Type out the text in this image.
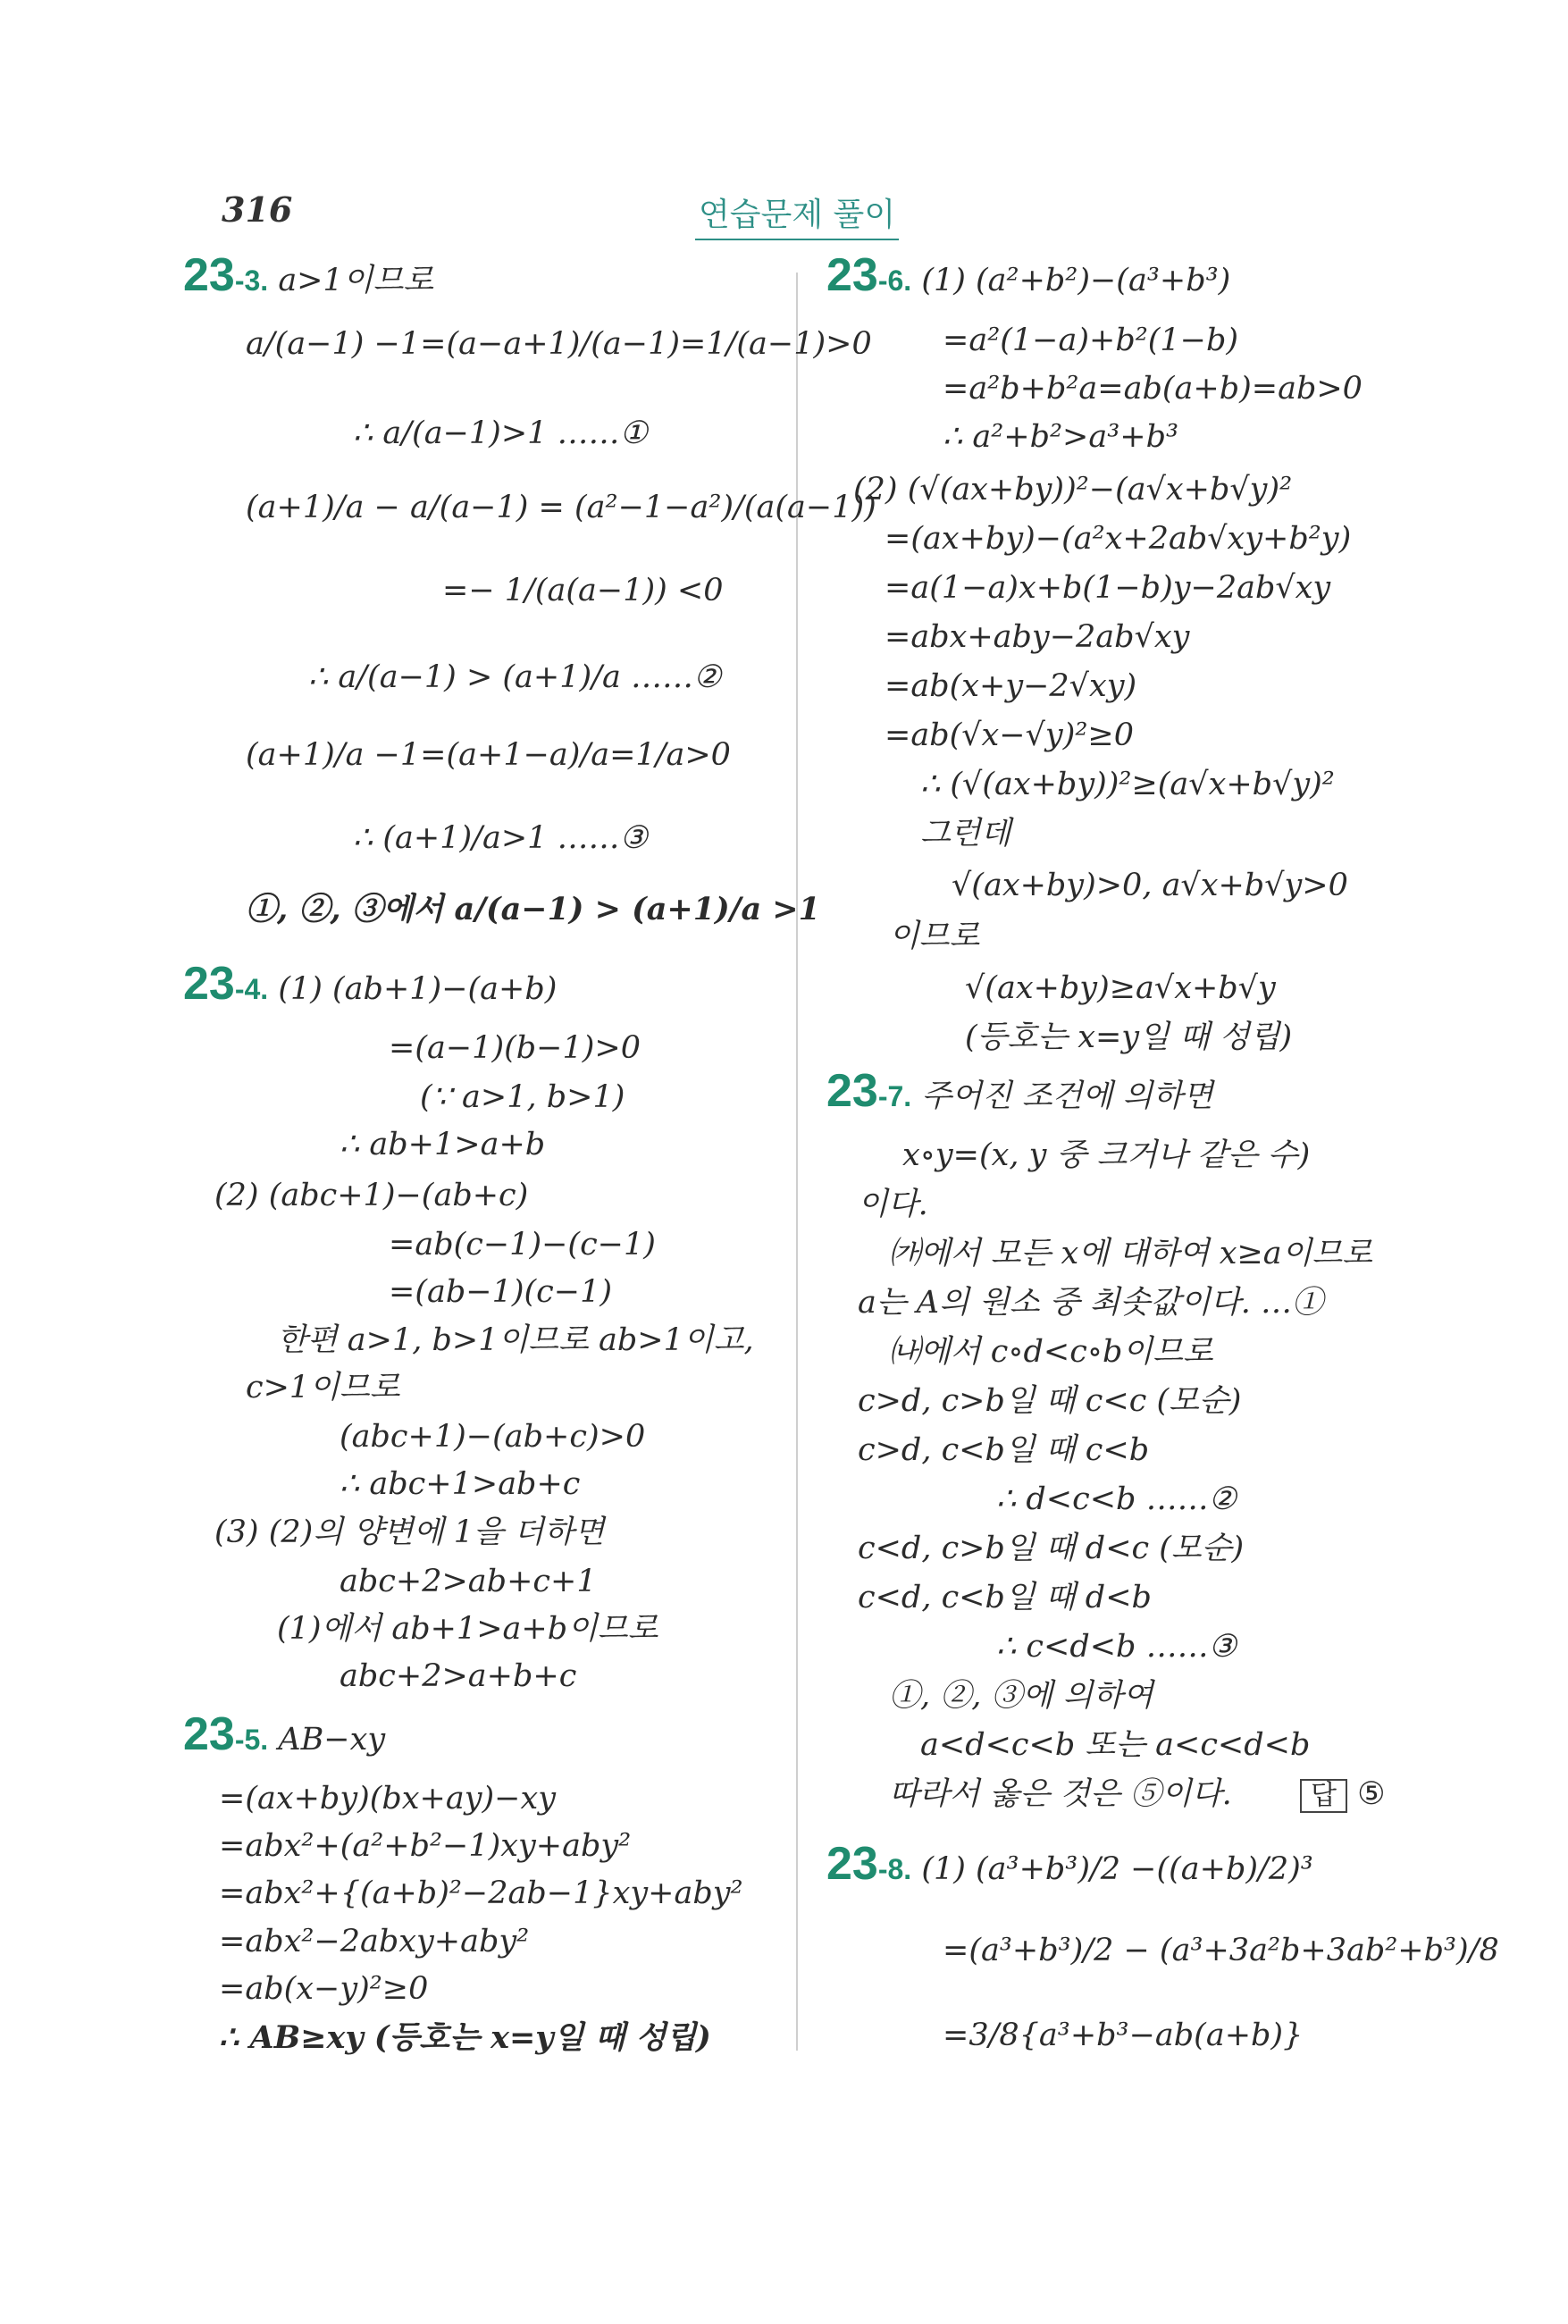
316	연습문제 풀이
23-3. a>1이므로
a/(a−1) −1=(a−a+1)/(a−1)=1/(a−1)>0
∴ a/(a−1)>1 ……①
(a+1)/a − a/(a−1) = (a²−1−a²)/(a(a−1))
=− 1/(a(a−1)) <0
∴ a/(a−1) > (a+1)/a ……②
(a+1)/a −1=(a+1−a)/a=1/a>0
∴ (a+1)/a>1 ……③
①, ②, ③에서 a/(a−1) > (a+1)/a >1
23-4. (1) (ab+1)−(a+b)
=(a−1)(b−1)>0
(∵ a>1, b>1)
∴ ab+1>a+b
(2) (abc+1)−(ab+c)
=ab(c−1)−(c−1)
=(ab−1)(c−1)
한편 a>1, b>1이므로 ab>1이고,
c>1이므로
(abc+1)−(ab+c)>0
∴ abc+1>ab+c
(3) (2)의 양변에 1을 더하면
abc+2>ab+c+1
(1)에서 ab+1>a+b이므로
abc+2>a+b+c
23-5. AB−xy
=(ax+by)(bx+ay)−xy
=abx²+(a²+b²−1)xy+aby²
=abx²+{(a+b)²−2ab−1}xy+aby²
=abx²−2abxy+aby²
=ab(x−y)²≥0
∴ AB≥xy (등호는 x=y일 때 성립)
23-6. (1) (a²+b²)−(a³+b³)
=a²(1−a)+b²(1−b)
=a²b+b²a=ab(a+b)=ab>0
∴ a²+b²>a³+b³
(2) (√(ax+by))²−(a√x+b√y)²
=(ax+by)−(a²x+2ab√xy+b²y)
=a(1−a)x+b(1−b)y−2ab√xy
=abx+aby−2ab√xy
=ab(x+y−2√xy)
=ab(√x−√y)²≥0
∴ (√(ax+by))²≥(a√x+b√y)²
그런데
√(ax+by)>0, a√x+b√y>0
이므로
√(ax+by)≥a√x+b√y
(등호는 x=y일 때 성립)
23-7. 주어진 조건에 의하면
x∘y=(x, y 중 크거나 같은 수)
이다.
㈎에서 모든 x에 대하여 x≥a이므로
a는 A의 원소 중 최솟값이다. …①
㈏에서 c∘d<c∘b이므로
c>d, c>b일 때 c<c (모순)
c>d, c<b일 때 c<b
∴ d<c<b ……②
c<d, c>b일 때 d<c (모순)
c<d, c<b일 때 d<b
∴ c<d<b ……③
①, ②, ③에 의하여
a<d<c<b 또는 a<c<d<b
따라서 옳은 것은 ⑤이다.
23-8. (1) (a³+b³)/2 −((a+b)/2)³
=(a³+b³)/2 − (a³+3a²b+3ab²+b³)/8
=3/8{a³+b³−ab(a+b)}
답 ⑤
